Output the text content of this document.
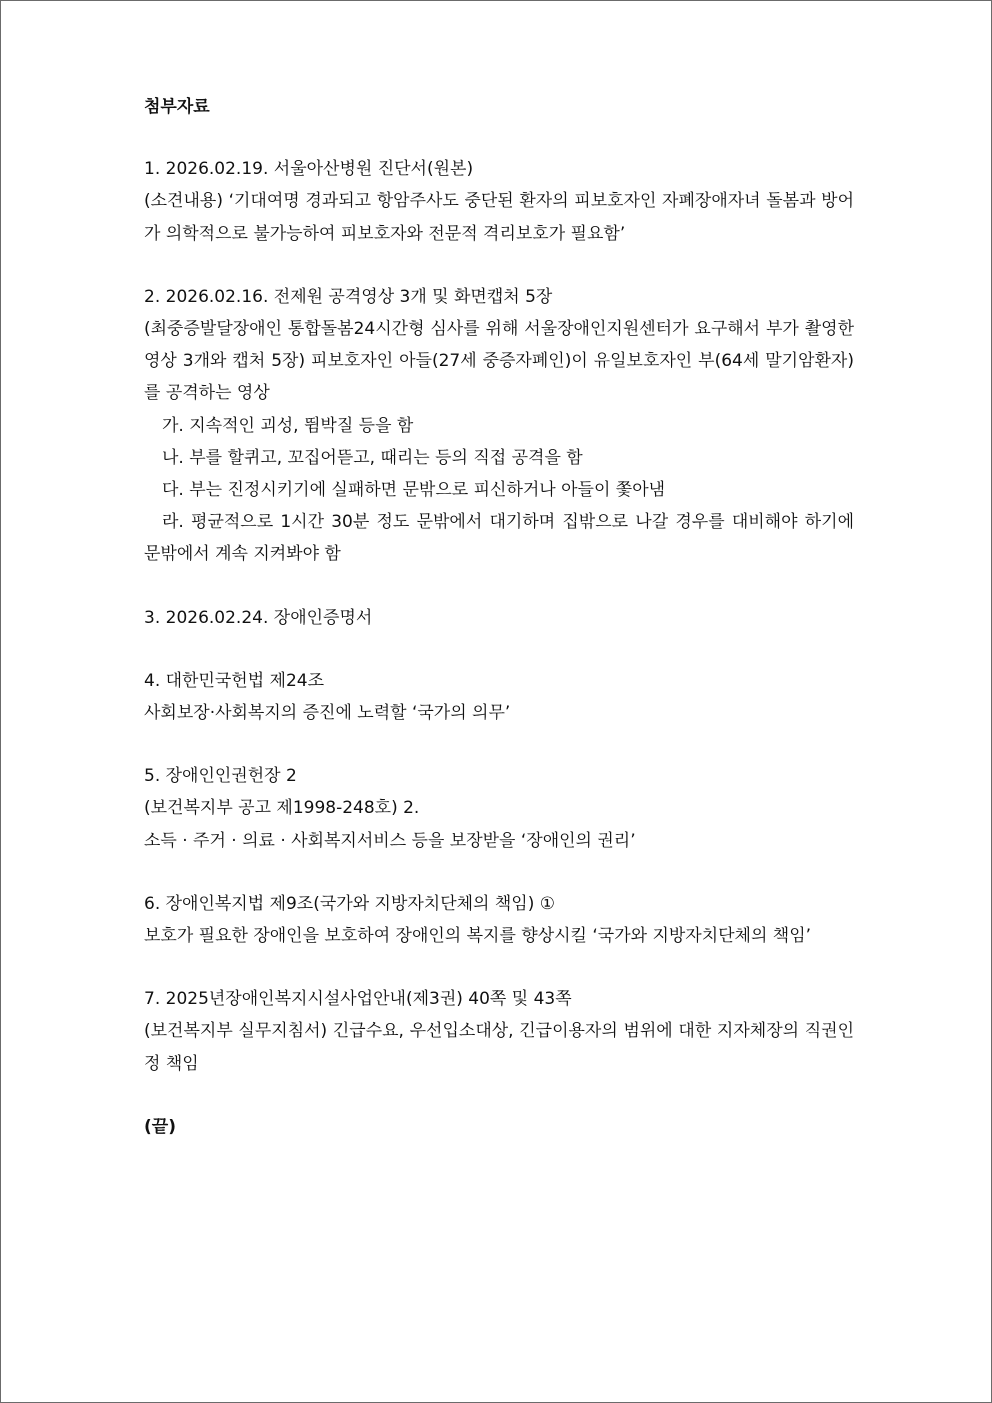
첨부자료

1. 2026.02.19. 서울아산병원 진단서(원본)

(소견내용) ‘기대여명 경과되고 항암주사도 중단된 환자의 피보호자인 자폐장애자녀 돌봄과 방어가 의학적으로 불가능하여 피보호자와 전문적 격리보호가 필요함’

2. 2026.02.16. 전제원 공격영상 3개 및 화면캡처 5장

(최중증발달장애인 통합돌봄24시간형 심사를 위해 서울장애인지원센터가 요구해서 부가 촬영한 영상 3개와 캡처 5장) 피보호자인 아들(27세 중증자폐인)이 유일보호자인 부(64세 말기암환자)를 공격하는 영상

가. 지속적인 괴성, 뜀박질 등을 함

나. 부를 할퀴고, 꼬집어뜯고, 때리는 등의 직접 공격을 함

다. 부는 진정시키기에 실패하면 문밖으로 피신하거나 아들이 쫓아냄

라. 평균적으로 1시간 30분 정도 문밖에서 대기하며 집밖으로 나갈 경우를 대비해야 하기에 문밖에서 계속 지켜봐야 함

3. 2026.02.24. 장애인증명서

4. 대한민국헌법 제24조

사회보장·사회복지의 증진에 노력할 ‘국가의 의무’

5. 장애인인권헌장 2

(보건복지부 공고 제1998-248호) 2.

소득 · 주거 · 의료 · 사회복지서비스 등을 보장받을 ‘장애인의 권리’

6. 장애인복지법 제9조(국가와 지방자치단체의 책임) ①

보호가 필요한 장애인을 보호하여 장애인의 복지를 향상시킬 ‘국가와 지방자치단체의 책임’

7. 2025년장애인복지시설사업안내(제3권) 40쪽 및 43쪽

(보건복지부 실무지침서) 긴급수요, 우선입소대상, 긴급이용자의 범위에 대한 지자체장의 직권인정 책임

(끝)
